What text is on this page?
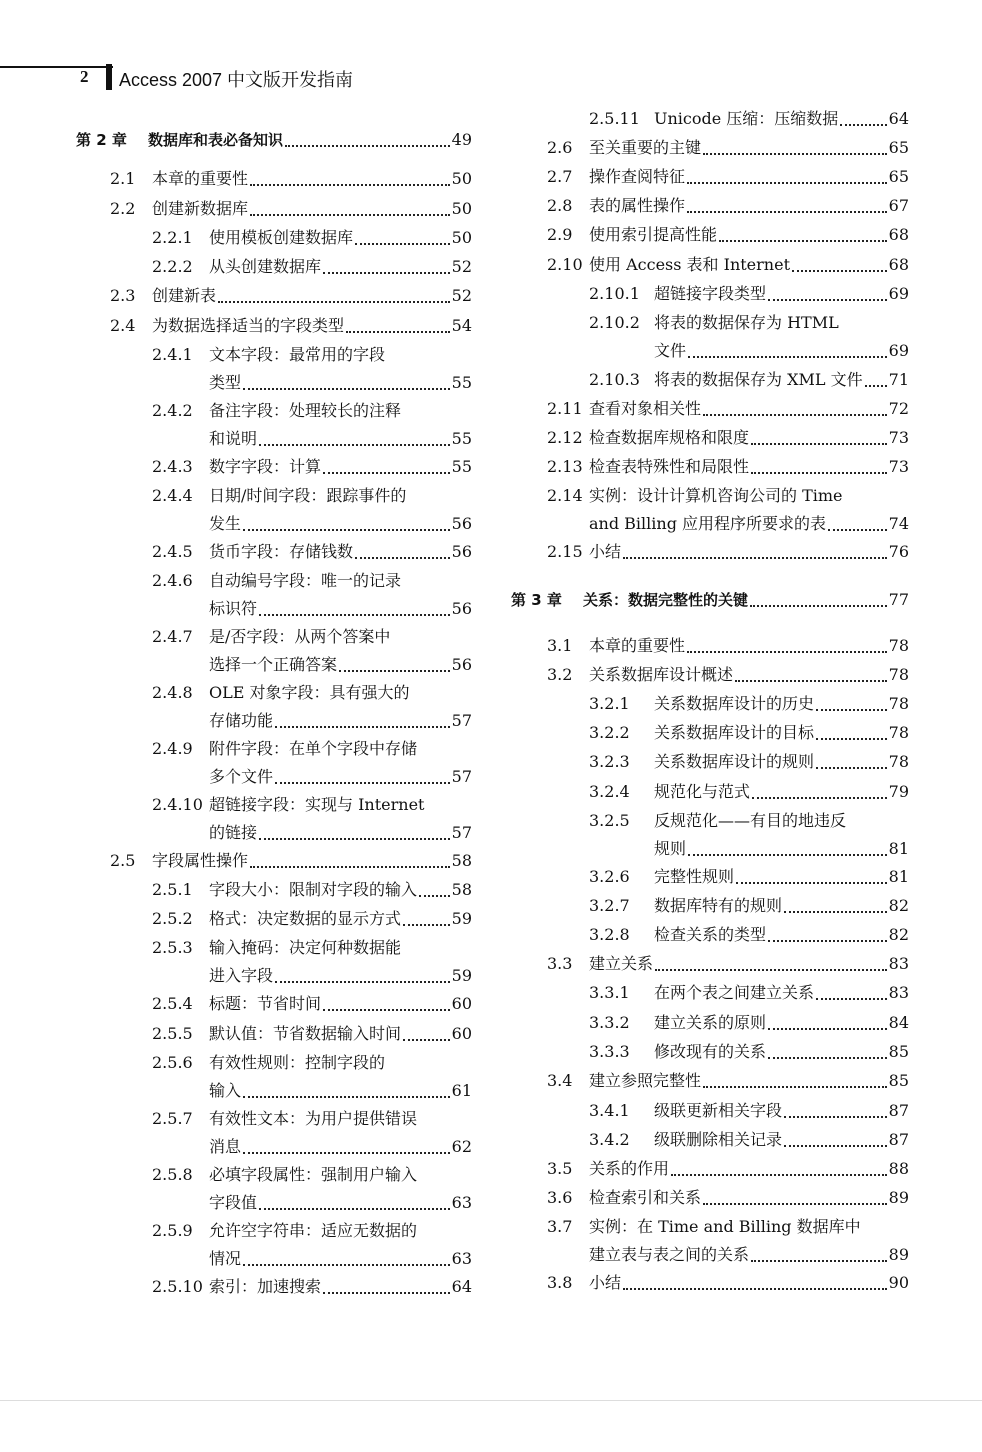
2 Access 2007 中文版开发指南
第 2 章 数据库和表必备知识	49
2.1 本章的重要性	50
2.2 创建新数据库	50
2.2.1 使用模板创建数据库	50
2.2.2 从头创建数据库	52
2.3 创建新表	52
2.4 为数据选择适当的字段类型	54
2.4.1 文本字段：最常用的字段
类型	55
2.4.2 备注字段：处理较长的注释
和说明	55
2.4.3 数字字段：计算	55
2.4.4 日期/时间字段：跟踪事件的
发生	56
2.4.5 货币字段：存储钱数	56
2.4.6 自动编号字段：唯一的记录
标识符	56
2.4.7 是/否字段：从两个答案中
选择一个正确答案	56
2.4.8 OLE 对象字段：具有强大的
存储功能	57
2.4.9 附件字段：在单个字段中存储
多个文件	57
2.4.10 超链接字段：实现与 Internet
的链接	57
2.5 字段属性操作	58
2.5.1 字段大小：限制对字段的输入 58
2.5.2 格式：决定数据的显示方式	59
2.5.3 输入掩码：决定何种数据能
进入字段	59
2.5.4 标题：节省时间	60
2.5.5 默认值：节省数据输入时间	60
2.5.6 有效性规则：控制字段的
输入	61
2.5.7 有效性文本：为用户提供错误
消息	62
2.5.8 必填字段属性：强制用户输入
字段值	63
2.5.9 允许空字符串：适应无数据的
情况	63
2.5.10 索引：加速搜索	64
2.5.11 Unicode 压缩：压缩数据	64
2.6 至关重要的主键	65
2.7 操作查阅特征	65
2.8 表的属性操作	67
2.9 使用索引提高性能	68
2.10 使用 Access 表和 Internet	68
2.10.1 超链接字段类型	69
2.10.2 将表的数据保存为 HTML
文件	69
2.10.3 将表的数据保存为 XML 文件 71
2.11 查看对象相关性	72
2.12 检查数据库规格和限度	73
2.13 检查表特殊性和局限性	73
2.14 实例：设计计算机咨询公司的 Time
and Billing 应用程序所要求的表	74
2.15 小结	76
第 3 章 关系：数据完整性的关键	77
3.1 本章的重要性	78
3.2 关系数据库设计概述	78
3.2.1 关系数据库设计的历史	78
3.2.2 关系数据库设计的目标	78
3.2.3 关系数据库设计的规则	78
3.2.4 规范化与范式	79
3.2.5 反规范化——有目的地违反
规则	81
3.2.6 完整性规则	81
3.2.7 数据库特有的规则	82
3.2.8 检查关系的类型	82
3.3 建立关系	83
3.3.1 在两个表之间建立关系	83
3.3.2 建立关系的原则	84
3.3.3 修改现有的关系	85
3.4 建立参照完整性	85
3.4.1 级联更新相关字段	87
3.4.2 级联删除相关记录	87
3.5 关系的作用	88
3.6 检查索引和关系	89
3.7 实例：在 Time and Billing 数据库中
建立表与表之间的关系	89
3.8 小结	90
